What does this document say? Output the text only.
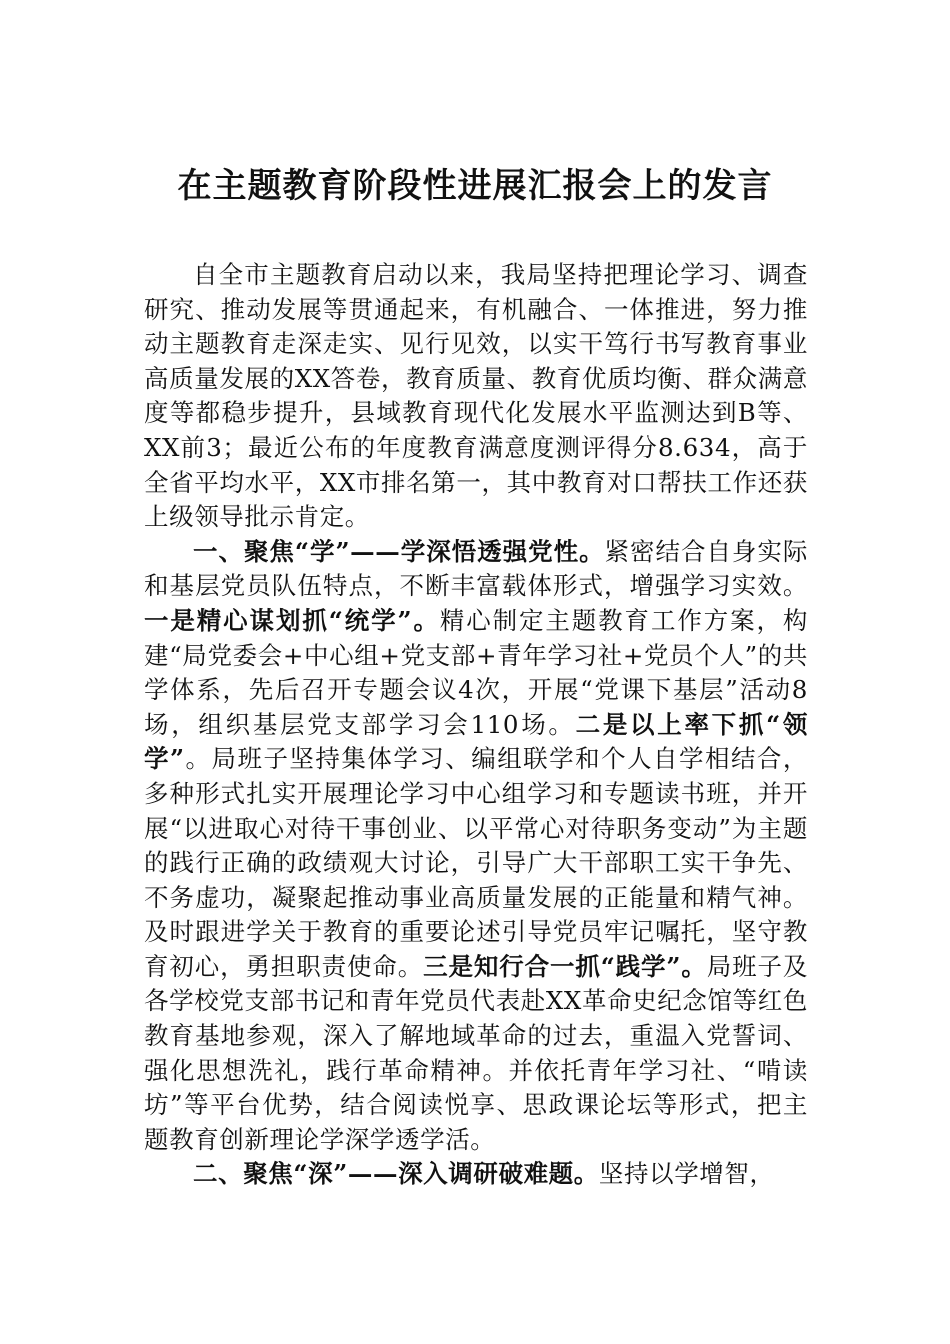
在主题教育阶段性进展汇报会上的发言

自全市主题教育启动以来，我局坚持把理论学习、调查研究、推动发展等贯通起来，有机融合、一体推进，努力推动主题教育走深走实、见行见效，以实干笃行书写教育事业高质量发展的XX答卷，教育质量、教育优质均衡、群众满意度等都稳步提升，县域教育现代化发展水平监测达到B等、XX前3；最近公布的年度教育满意度测评得分8.634，高于全省平均水平，XX市排名第一，其中教育对口帮扶工作还获上级领导批示肯定。

一、聚焦“学”——学深悟透强党性。紧密结合自身实际和基层党员队伍特点，不断丰富载体形式，增强学习实效。一是精心谋划抓“统学”。精心制定主题教育工作方案，构建“局党委会+中心组+党支部+青年学习社+党员个人”的共学体系，先后召开专题会议4次，开展“党课下基层”活动8场，组织基层党支部学习会110场。二是以上率下抓“领学”。局班子坚持集体学习、编组联学和个人自学相结合，多种形式扎实开展理论学习中心组学习和专题读书班，并开展“以进取心对待干事创业、以平常心对待职务变动”为主题的践行正确的政绩观大讨论，引导广大干部职工实干争先、不务虚功，凝聚起推动事业高质量发展的正能量和精气神。及时跟进学关于教育的重要论述引导党员牢记嘱托，坚守教育初心，勇担职责使命。三是知行合一抓“践学”。局班子及各学校党支部书记和青年党员代表赴XX革命史纪念馆等红色教育基地参观，深入了解地域革命的过去，重温入党誓词、强化思想洗礼，践行革命精神。并依托青年学习社、“啃读坊”等平台优势，结合阅读悦享、思政课论坛等形式，把主题教育创新理论学深学透学活。

二、聚焦“深”——深入调研破难题。坚持以学增智，
